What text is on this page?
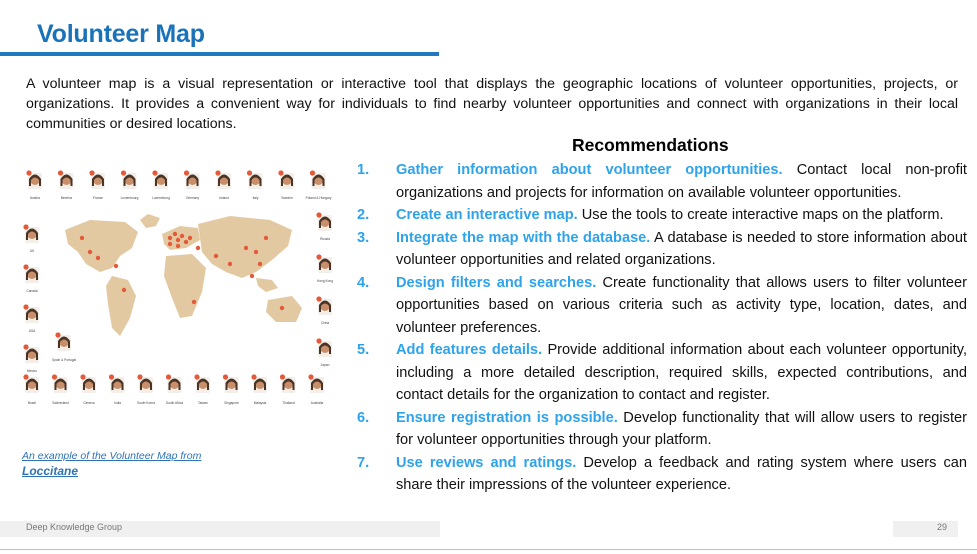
Volunteer Map
A volunteer map is a visual representation or interactive tool that displays the geographic locations of volunteer opportunities, projects, or organizations. It provides a convenient way for individuals to find nearby volunteer opportunities and connect with organizations in their local communities or desired locations.
Recommendations
1. Gather information about volunteer opportunities. Contact local non-profit organizations and projects for information on available volunteer opportunities.
2. Create an interactive map. Use the tools to create interactive maps on the platform.
3. Integrate the map with the database. A database is needed to store information about volunteer opportunities and related organizations.
4. Design filters and searches. Create functionality that allows users to filter volunteer opportunities based on various criteria such as activity type, location, dates, and volunteer preferences.
5. Add features details. Provide additional information about each volunteer opportunity, including a more detailed description, required skills, expected contributions, and contact details for the organization to contact and register.
6. Ensure registration is possible. Develop functionality that will allow users to register for volunteer opportunities through your platform.
7. Use reviews and ratings. Develop a feedback and rating system where users can share their impressions of the volunteer experience.
Austria	Benelux	France	Luxembourg	Luxembourg	Germany	Ireland	Italy	Sweden	Poland & Hungary
UK
Canada
USA
Mexico
Russia
Hong Kong
China
Japan
Spain & Portugal
Brazil	Switzerland	Geneva	India	South Korea	South Africa	Taiwan	Singapore	Malaysia	Thailand	Australia
An example of the Volunteer Map from
Loccitane
Deep Knowledge Group	29
